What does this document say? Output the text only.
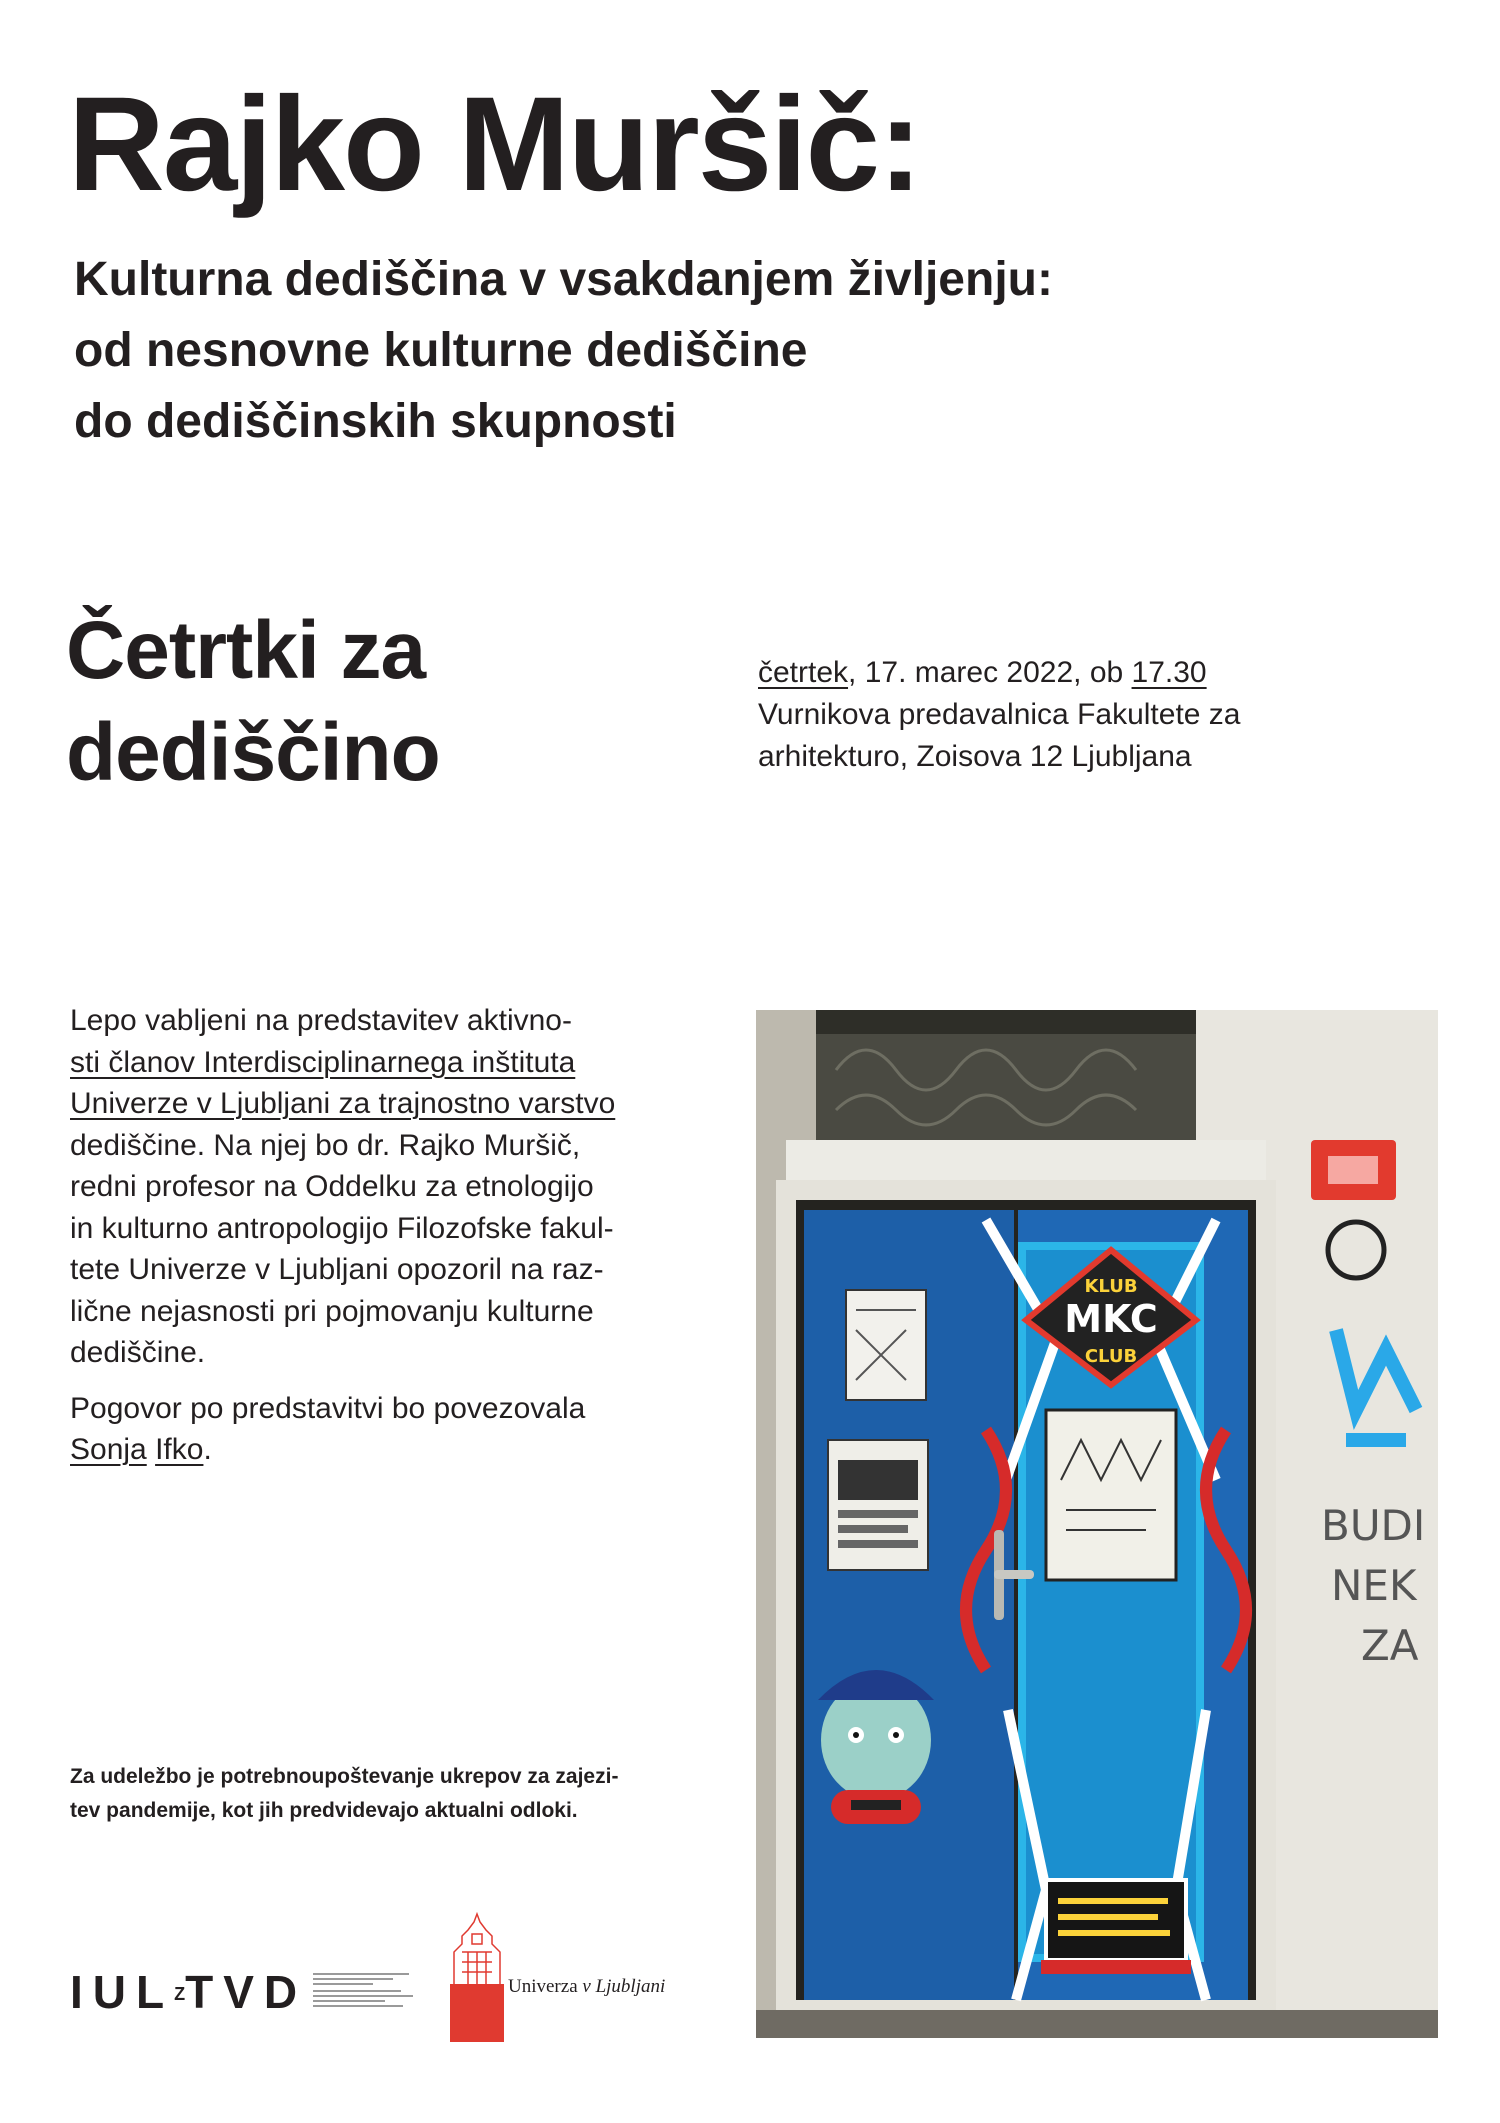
Rajko Muršič:
Kulturna dediščina v vsakdanjem življenju:
od nesnovne kulturne dediščine
do dediščinskih skupnosti
Četrtki za
dediščino
četrtek, 17. marec 2022, ob 17.30
Vurnikova predavalnica Fakultete za
arhitekturo, Zoisova 12 Ljubljana

Lepo vabljeni na predstavitev aktivno-
sti članov Interdisciplinarnega inštituta
Univerze v Ljubljani za trajnostno varstvo
dediščine. Na njej bo dr. Rajko Muršič,
redni profesor na Oddelku za etnologijo
in kulturno antropologijo Filozofske fakul-
tete Univerze v Ljubljani opozoril na raz-
lične nejasnosti pri pojmovanju kulturne
dediščine.

Pogovor po predstavitvi bo povezovala
Sonja Ifko.

Za udeležbo je potrebnoupoštevanje ukrepov za zajezi-
tev pandemije, kot jih predvidevajo aktualni odloki.
$IUL_ZTVD$	Univerza v Ljubljani
KLUB
MKC
CLUB
BUDI
NEK
ZA
